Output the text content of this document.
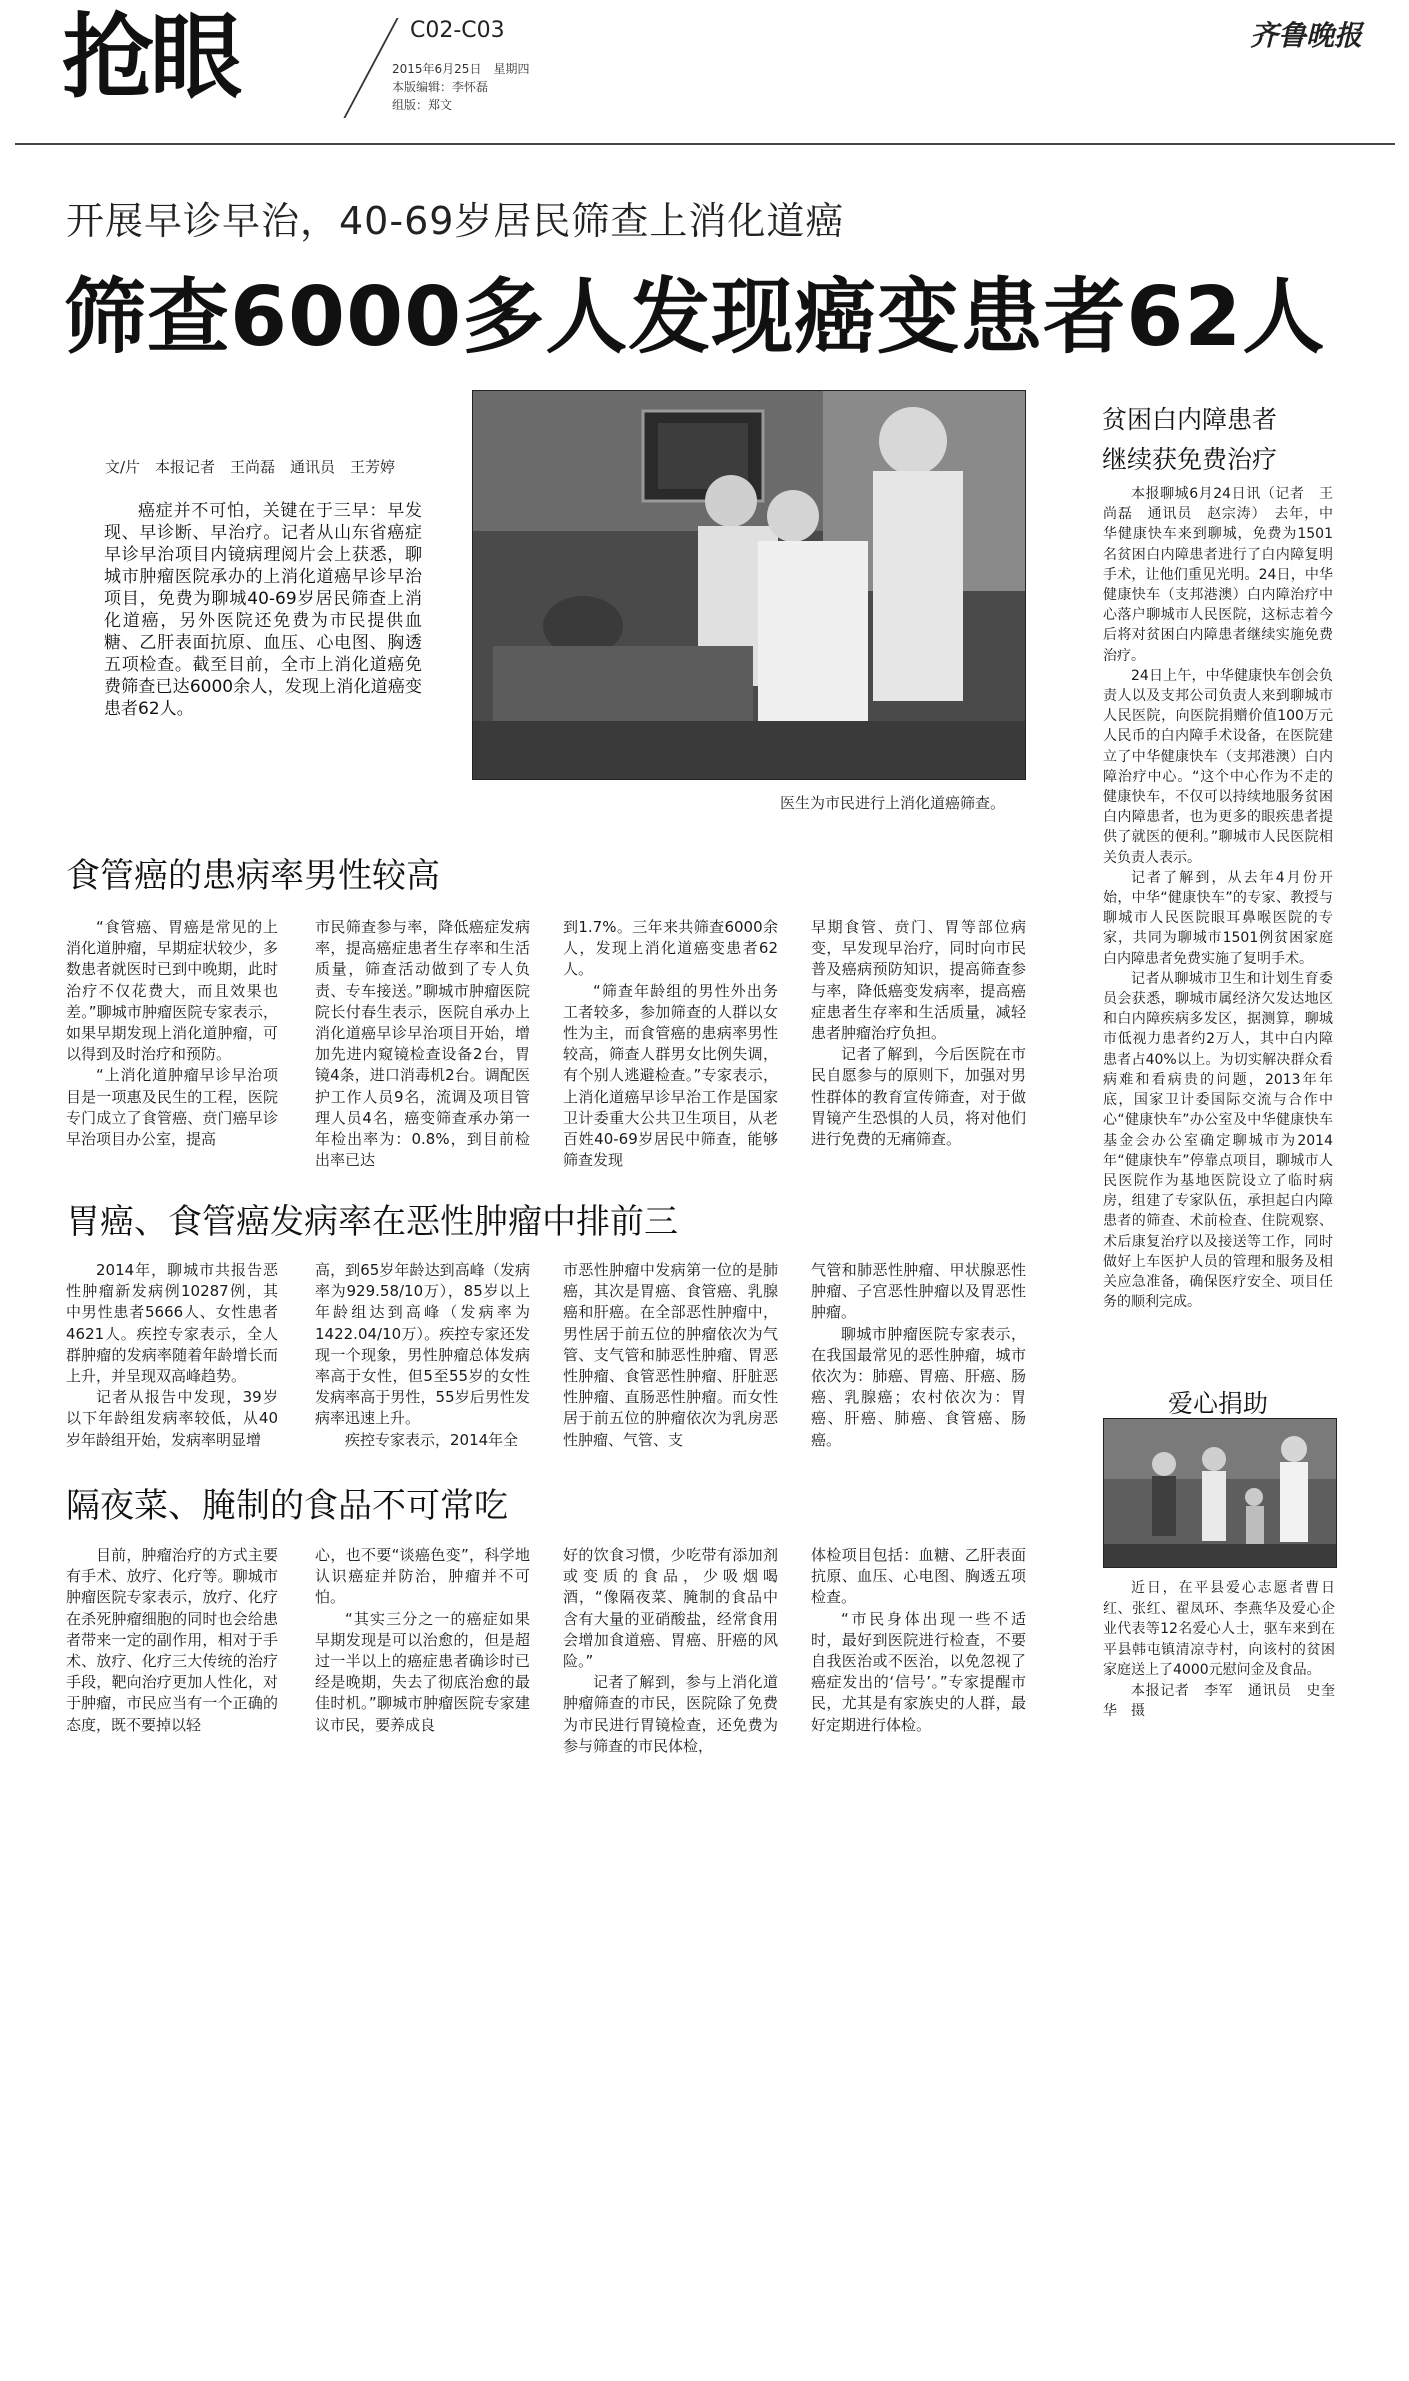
抢眼	C02-C03
2015年6月25日　星期四
本版编辑：李怀磊
组版：郑文
齐鲁晚报
开展早诊早治，40-69岁居民筛查上消化道癌
筛查6000多人发现癌变患者62人
文/片　本报记者　王尚磊　通讯员　王芳婷
癌症并不可怕，关键在于三早：早发现、早诊断、早治疗。记者从山东省癌症早诊早治项目内镜病理阅片会上获悉，聊城市肿瘤医院承办的上消化道癌早诊早治项目，免费为聊城40-69岁居民筛查上消化道癌，另外医院还免费为市民提供血糖、乙肝表面抗原、血压、心电图、胸透五项检查。截至目前，全市上消化道癌免费筛查已达6000余人，发现上消化道癌变患者62人。
医生为市民进行上消化道癌筛查。
食管癌的患病率男性较高

“食管癌、胃癌是常见的上消化道肿瘤，早期症状较少，多数患者就医时已到中晚期，此时治疗不仅花费大，而且效果也差。”聊城市肿瘤医院专家表示，如果早期发现上消化道肿瘤，可以得到及时治疗和预防。

“上消化道肿瘤早诊早治项目是一项惠及民生的工程，医院专门成立了食管癌、贲门癌早诊早治项目办公室，提高

市民筛查参与率，降低癌症发病率，提高癌症患者生存率和生活质量，筛查活动做到了专人负责、专车接送。”聊城市肿瘤医院院长付春生表示，医院自承办上消化道癌早诊早治项目开始，增加先进内窥镜检查设备2台，胃镜4条，进口消毒机2台。调配医护工作人员9名，流调及项目管理人员4名，癌变筛查承办第一年检出率为：0.8%，到目前检出率已达

到1.7%。三年来共筛查6000余人，发现上消化道癌变患者62人。

“筛查年龄组的男性外出务工者较多，参加筛查的人群以女性为主，而食管癌的患病率男性较高，筛查人群男女比例失调，有个别人逃避检查。”专家表示，上消化道癌早诊早治工作是国家卫计委重大公共卫生项目，从老百姓40-69岁居民中筛查，能够筛查发现

早期食管、贲门、胃等部位病变，早发现早治疗，同时向市民普及癌病预防知识，提高筛查参与率，降低癌变发病率，提高癌症患者生存率和生活质量，减轻患者肿瘤治疗负担。

记者了解到，今后医院在市民自愿参与的原则下，加强对男性群体的教育宣传筛查，对于做胃镜产生恐惧的人员，将对他们进行免费的无痛筛查。

胃癌、食管癌发病率在恶性肿瘤中排前三

2014年，聊城市共报告恶性肿瘤新发病例10287例，其中男性患者5666人、女性患者4621人。疾控专家表示，全人群肿瘤的发病率随着年龄增长而上升，并呈现双高峰趋势。

记者从报告中发现，39岁以下年龄组发病率较低，从40岁年龄组开始，发病率明显增

高，到65岁年龄达到高峰（发病率为929.58/10万），85岁以上年龄组达到高峰（发病率为1422.04/10万）。疾控专家还发现一个现象，男性肿瘤总体发病率高于女性，但5至55岁的女性发病率高于男性，55岁后男性发病率迅速上升。

疾控专家表示，2014年全

市恶性肿瘤中发病第一位的是肺癌，其次是胃癌、食管癌、乳腺癌和肝癌。在全部恶性肿瘤中，男性居于前五位的肿瘤依次为气管、支气管和肺恶性肿瘤、胃恶性肿瘤、食管恶性肿瘤、肝脏恶性肿瘤、直肠恶性肿瘤。而女性居于前五位的肿瘤依次为乳房恶性肿瘤、气管、支

气管和肺恶性肿瘤、甲状腺恶性肿瘤、子宫恶性肿瘤以及胃恶性肿瘤。

聊城市肿瘤医院专家表示，在我国最常见的恶性肿瘤，城市依次为：肺癌、胃癌、肝癌、肠癌、乳腺癌；农村依次为：胃癌、肝癌、肺癌、食管癌、肠癌。

隔夜菜、腌制的食品不可常吃

目前，肿瘤治疗的方式主要有手术、放疗、化疗等。聊城市肿瘤医院专家表示，放疗、化疗在杀死肿瘤细胞的同时也会给患者带来一定的副作用，相对于手术、放疗、化疗三大传统的治疗手段，靶向治疗更加人性化，对于肿瘤，市民应当有一个正确的态度，既不要掉以轻

心，也不要“谈癌色变”，科学地认识癌症并防治，肿瘤并不可怕。

“其实三分之一的癌症如果早期发现是可以治愈的，但是超过一半以上的癌症患者确诊时已经是晚期，失去了彻底治愈的最佳时机。”聊城市肿瘤医院专家建议市民，要养成良

好的饮食习惯，少吃带有添加剂或变质的食品，少吸烟喝酒，“像隔夜菜、腌制的食品中含有大量的亚硝酸盐，经常食用会增加食道癌、胃癌、肝癌的风险。”

记者了解到，参与上消化道肿瘤筛查的市民，医院除了免费为市民进行胃镜检查，还免费为参与筛查的市民体检，

体检项目包括：血糖、乙肝表面抗原、血压、心电图、胸透五项检查。

“市民身体出现一些不适时，最好到医院进行检查，不要自我医治或不医治，以免忽视了癌症发出的‘信号’。”专家提醒市民，尤其是有家族史的人群，最好定期进行体检。

贫困白内障患者
继续获免费治疗

本报聊城6月24日讯（记者　王尚磊　通讯员　赵宗涛）　去年，中华健康快车来到聊城，免费为1501名贫困白内障患者进行了白内障复明手术，让他们重见光明。24日，中华健康快车（支邦港澳）白内障治疗中心落户聊城市人民医院，这标志着今后将对贫困白内障患者继续实施免费治疗。

24日上午，中华健康快车创会负责人以及支邦公司负责人来到聊城市人民医院，向医院捐赠价值100万元人民币的白内障手术设备，在医院建立了中华健康快车（支邦港澳）白内障治疗中心。“这个中心作为不走的健康快车，不仅可以持续地服务贫困白内障患者，也为更多的眼疾患者提供了就医的便利。”聊城市人民医院相关负责人表示。

记者了解到，从去年4月份开始，中华“健康快车”的专家、教授与聊城市人民医院眼耳鼻喉医院的专家，共同为聊城市1501例贫困家庭白内障患者免费实施了复明手术。

记者从聊城市卫生和计划生育委员会获悉，聊城市属经济欠发达地区和白内障疾病多发区，据测算，聊城市低视力患者约2万人，其中白内障患者占40%以上。为切实解决群众看病难和看病贵的问题，2013年年底，国家卫计委国际交流与合作中心“健康快车”办公室及中华健康快车基金会办公室确定聊城市为2014年“健康快车”停靠点项目，聊城市人民医院作为基地医院设立了临时病房，组建了专家队伍，承担起白内障患者的筛查、术前检查、住院观察、术后康复治疗以及接送等工作，同时做好上车医护人员的管理和服务及相关应急准备，确保医疗安全、项目任务的顺利完成。

爱心捐助

近日，在平县爱心志愿者曹日红、张红、翟凤环、李燕华及爱心企业代表等12名爱心人士，驱车来到在平县韩屯镇清凉寺村，向该村的贫困家庭送上了4000元慰问金及食品。

本报记者　李军　通讯员　史奎华　摄
